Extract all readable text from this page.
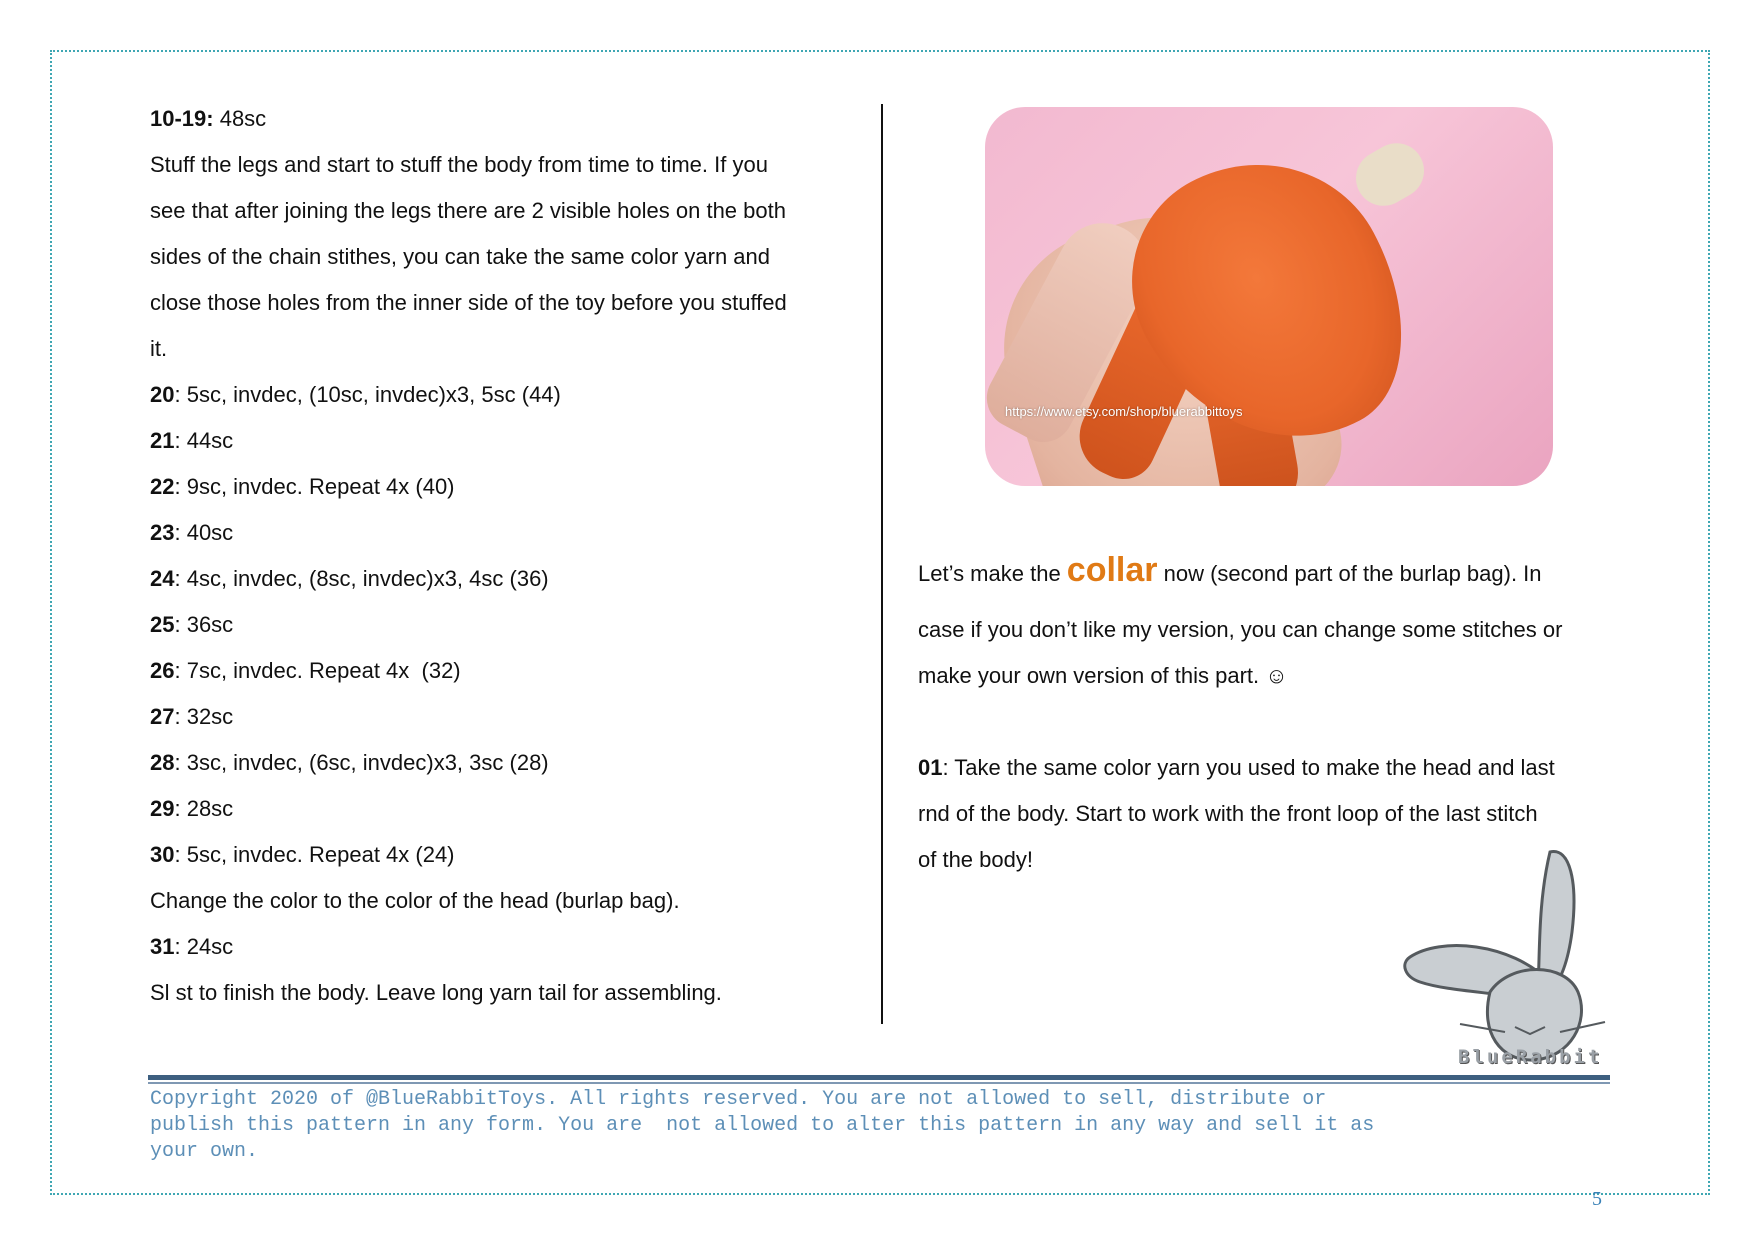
10-19: 48sc

Stuff the legs and start to stuff the body from time to time. If you

see that after joining the legs there are 2 visible holes on the both

sides of the chain stithes, you can take the same color yarn and

close those holes from the inner side of the toy before you stuffed

it.

20: 5sc, invdec, (10sc, invdec)x3, 5sc (44)

21: 44sc

22: 9sc, invdec. Repeat 4x (40)

23: 40sc

24: 4sc, invdec, (8sc, invdec)x3, 4sc (36)

25: 36sc

26: 7sc, invdec. Repeat 4x  (32)

27: 32sc

28: 3sc, invdec, (6sc, invdec)x3, 3sc (28)

29: 28sc

30: 5sc, invdec. Repeat 4x (24)

Change the color to the color of the head (burlap bag).

31: 24sc

Sl st to finish the body. Leave long yarn tail for assembling.

https://www.etsy.com/shop/bluerabbittoys

Let’s make the collar now (second part of the burlap bag). In

case if you don’t like my version, you can change some stitches or

make your own version of this part. ☺

01: Take the same color yarn you used to make the head and last

rnd of the body. Start to work with the front loop of the last stitch

of the body!

BlueRabbit
Copyright 2020 of @BlueRabbitToys. All rights reserved. You are not allowed to sell, distribute or
publish this pattern in any form. You are  not allowed to alter this pattern in any way and sell it as
your own.
5
